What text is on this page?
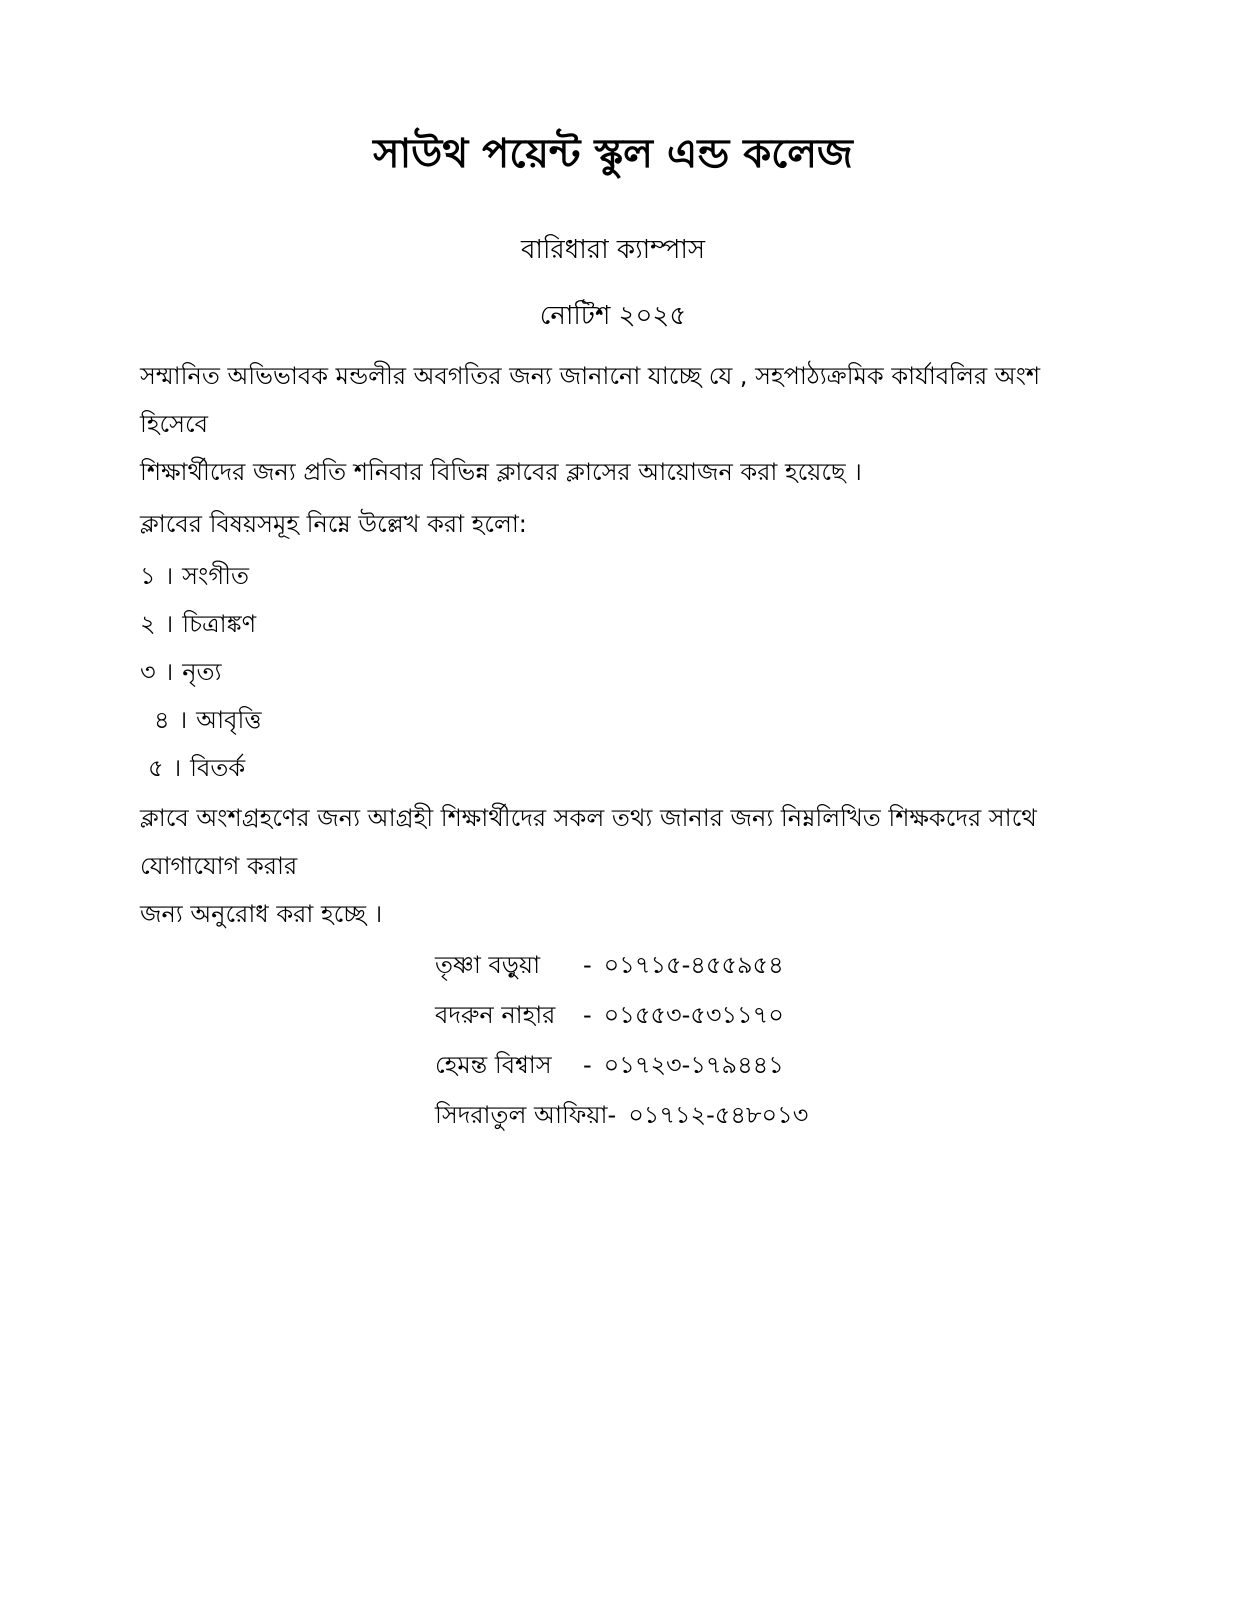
সাউথ পয়েন্ট স্কুল এন্ড কলেজ
বারিধারা ক্যাম্পাস
নোটিশ ২০২৫

সম্মানিত অভিভাবক মন্ডলীর অবগতির জন্য জানানো যাচ্ছে যে , সহপাঠ্যক্রমিক কার্যাবলির অংশ হিসেবে
শিক্ষার্থীদের জন্য প্রতি শনিবার বিভিন্ন ক্লাবের ক্লাসের আয়োজন করা হয়েছে ।

ক্লাবের বিষয়সমূহ নিম্নে উল্লেখ করা হলো:

১ । সংগীত
২ । চিত্রাঙ্কণ
৩ । নৃত্য
৪ । আবৃত্তি
৫ । বিতর্ক

ক্লাবে অংশগ্রহণের জন্য আগ্রহী শিক্ষার্থীদের সকল তথ্য জানার জন্য নিম্নলিখিত শিক্ষকদের সাথে যোগাযোগ করার
জন্য অনুরোধ করা হচ্ছে ।

তৃষ্ণা বড়ুয়া - ০১৭১৫-৪৫৫৯৫৪
বদরুন নাহার - ০১৫৫৩-৫৩১১৭০
হেমন্ত বিশ্বাস - ০১৭২৩-১৭৯৪৪১
সিদরাতুল আফিয়া- ০১৭১২-৫৪৮০১৩
